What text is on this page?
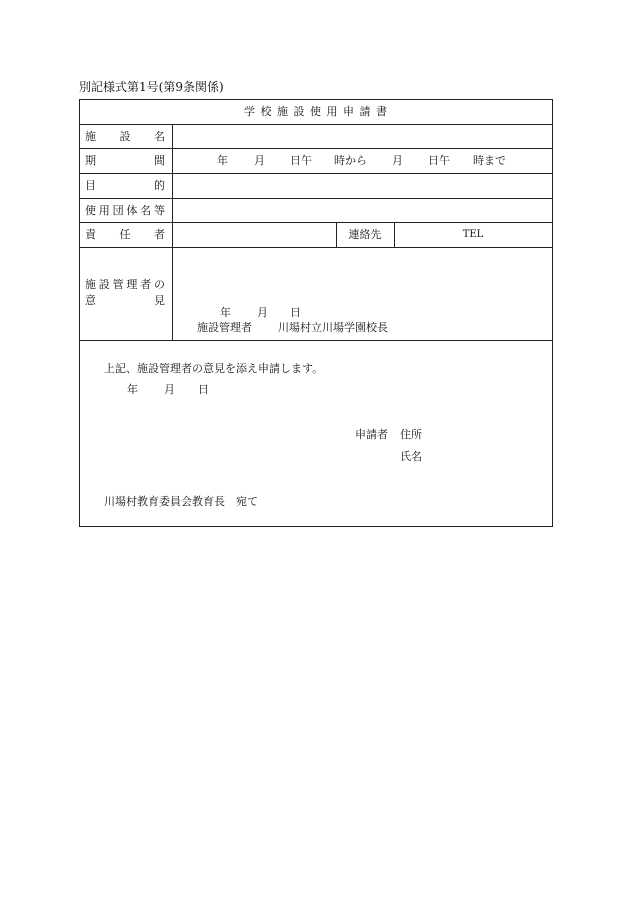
別記様式第1号(第9条関係)
学 校 施 設 使 用 申 請 書
施 設 名
期	間	年 月 日午 時から 月 日午 時まで
目	的
使 用 団 体 名 等
責 任 者	連絡先	TEL
施 設 管 理 者 の
意	見
年 月 日
施設管理者 川場村立川場学園校長
上記、施設管理者の意見を添え申請します。
年 月 日
申請者 住所
氏名
川場村教育委員会教育長　宛て
